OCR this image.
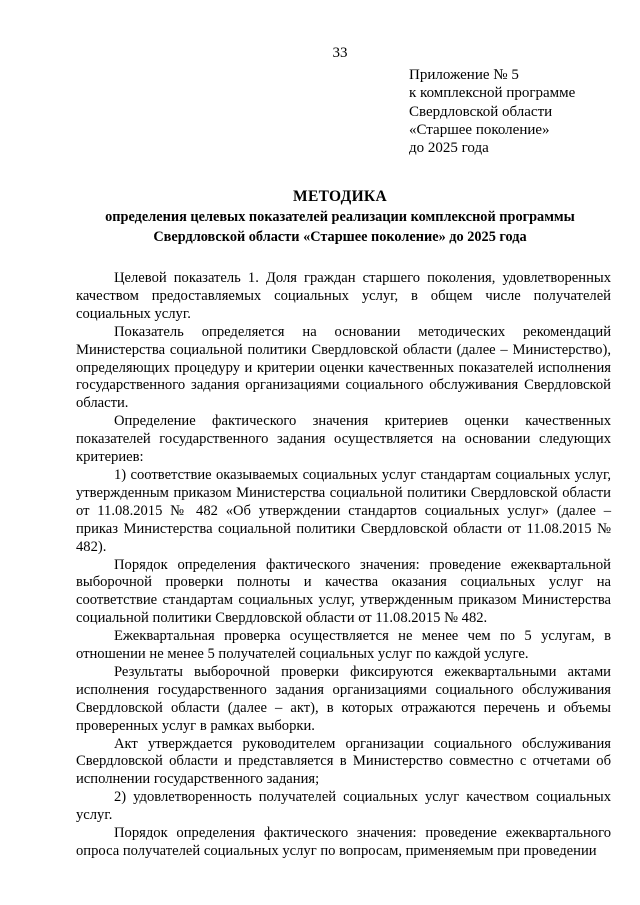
33
Приложение № 5
к комплексной программе
Свердловской области
«Старшее поколение»
до 2025 года
МЕТОДИКА
определения целевых показателей реализации комплексной программы
Свердловской области «Старшее поколение» до 2025 года

Целевой показатель 1. Доля граждан старшего поколения, удовлетворенных качеством предоставляемых социальных услуг, в общем числе получателей социальных услуг.

Показатель определяется на основании методических рекомендаций Министерства социальной политики Свердловской области (далее – Министерство), определяющих процедуру и критерии оценки качественных показателей исполнения государственного задания организациями социального обслуживания Свердловской области.

Определение фактического значения критериев оценки качественных показателей государственного задания осуществляется на основании следующих критериев:

1) соответствие оказываемых социальных услуг стандартам социальных услуг, утвержденным приказом Министерства социальной политики Свердловской области от 11.08.2015 № 482 «Об утверждении стандартов социальных услуг» (далее – приказ Министерства социальной политики Свердловской области от 11.08.2015 № 482).

Порядок определения фактического значения: проведение ежеквартальной выборочной проверки полноты и качества оказания социальных услуг на соответствие стандартам социальных услуг, утвержденным приказом Министерства социальной политики Свердловской области от 11.08.2015 № 482.

Ежеквартальная проверка осуществляется не менее чем по 5 услугам, в отношении не менее 5 получателей социальных услуг по каждой услуге.

Результаты выборочной проверки фиксируются ежеквартальными актами исполнения государственного задания организациями социального обслуживания Свердловской области (далее – акт), в которых отражаются перечень и объемы проверенных услуг в рамках выборки.

Акт утверждается руководителем организации социального обслуживания Свердловской области и представляется в Министерство совместно с отчетами об исполнении государственного задания;

2) удовлетворенность получателей социальных услуг качеством социальных услуг.

Порядок определения фактического значения: проведение ежеквартального опроса получателей социальных услуг по вопросам, применяемым при проведении
